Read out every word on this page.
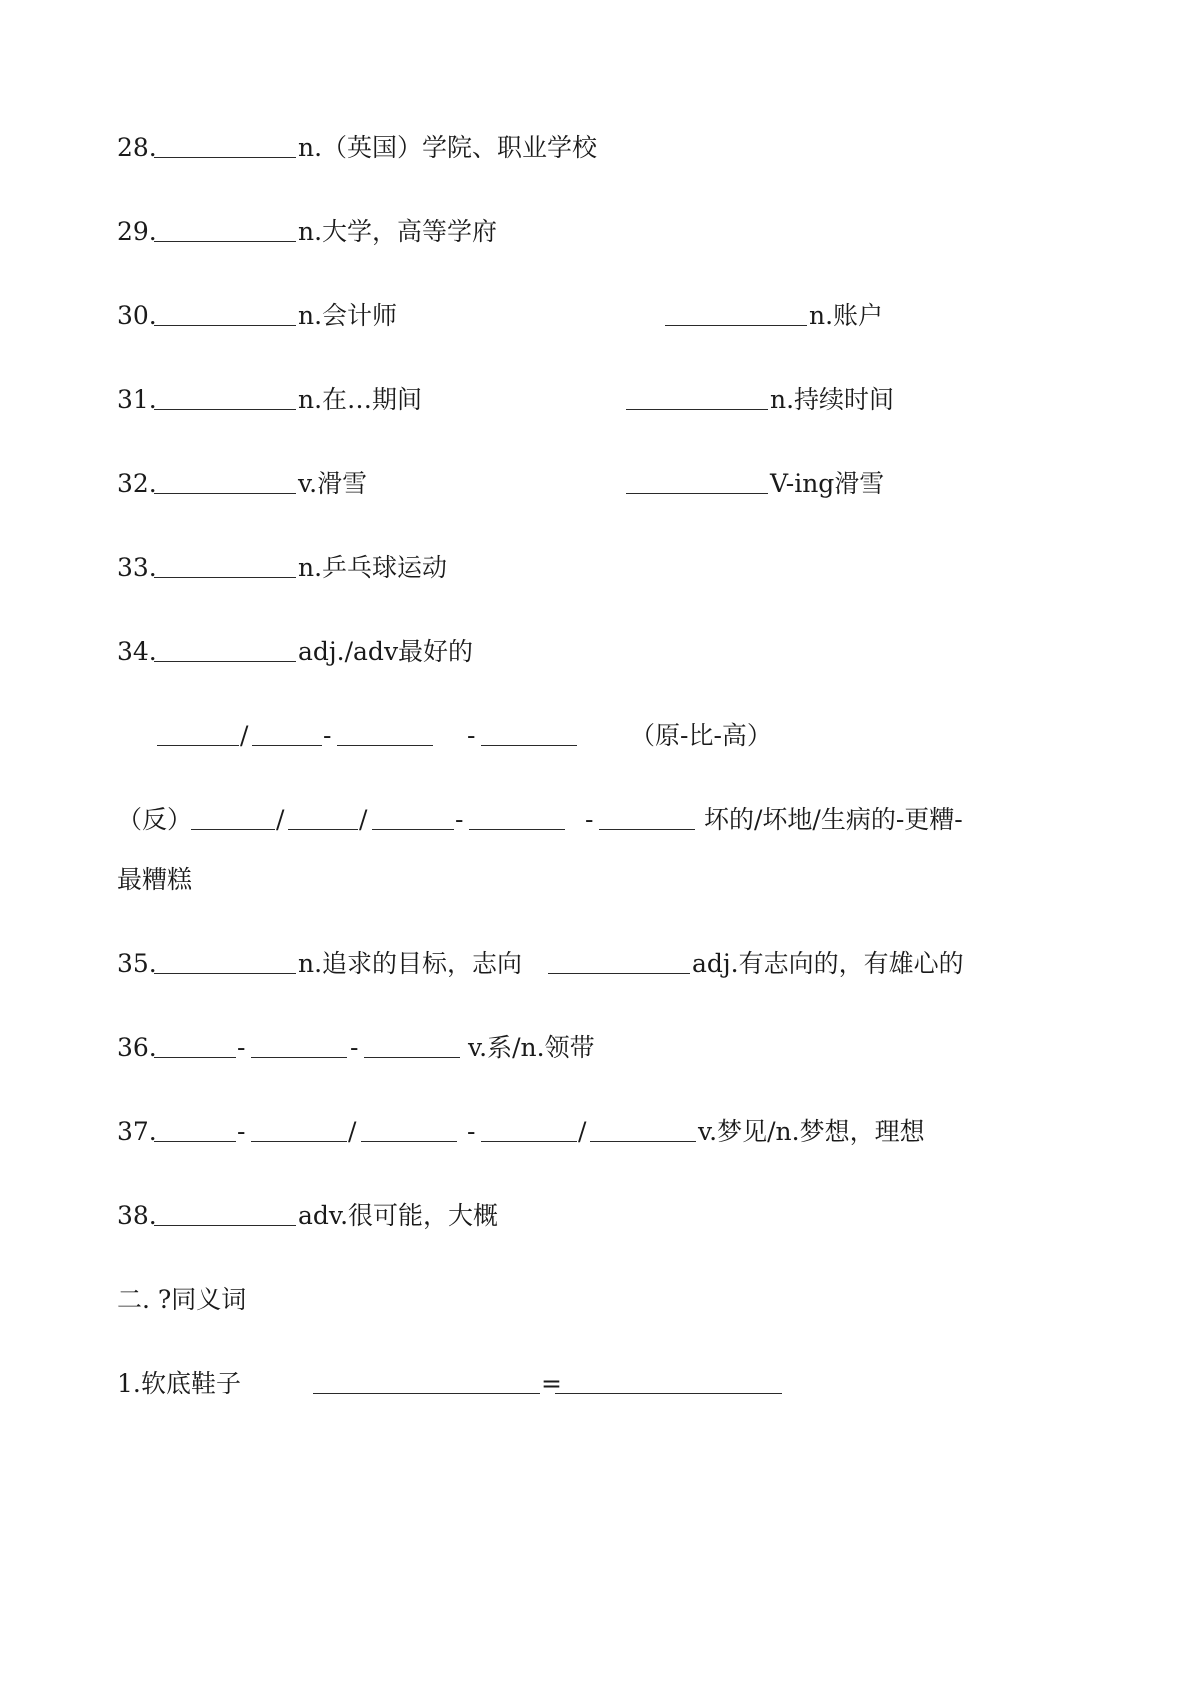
28.	n.（英国）学院、职业学校
29.	n.大学，高等学府
30.	n.会计师	n.账户
31.	n.在…期间	n.持续时间
32.	v.滑雪	V-ing滑雪
33.	n.乒乓球运动
34.	adj./adv最好的
/	-	-	（原-比-高）
（反）	/	/	-	-	坏的/坏地/生病的-更糟-
最糟糕
35.	n.追求的目标，志向	adj.有志向的，有雄心的
36.	-	-	v.系/n.领带
37.	-	/	-	/	v.梦见/n.梦想，理想
38.	adv.很可能，大概
二. ?同义词
1. 软底鞋子	=
